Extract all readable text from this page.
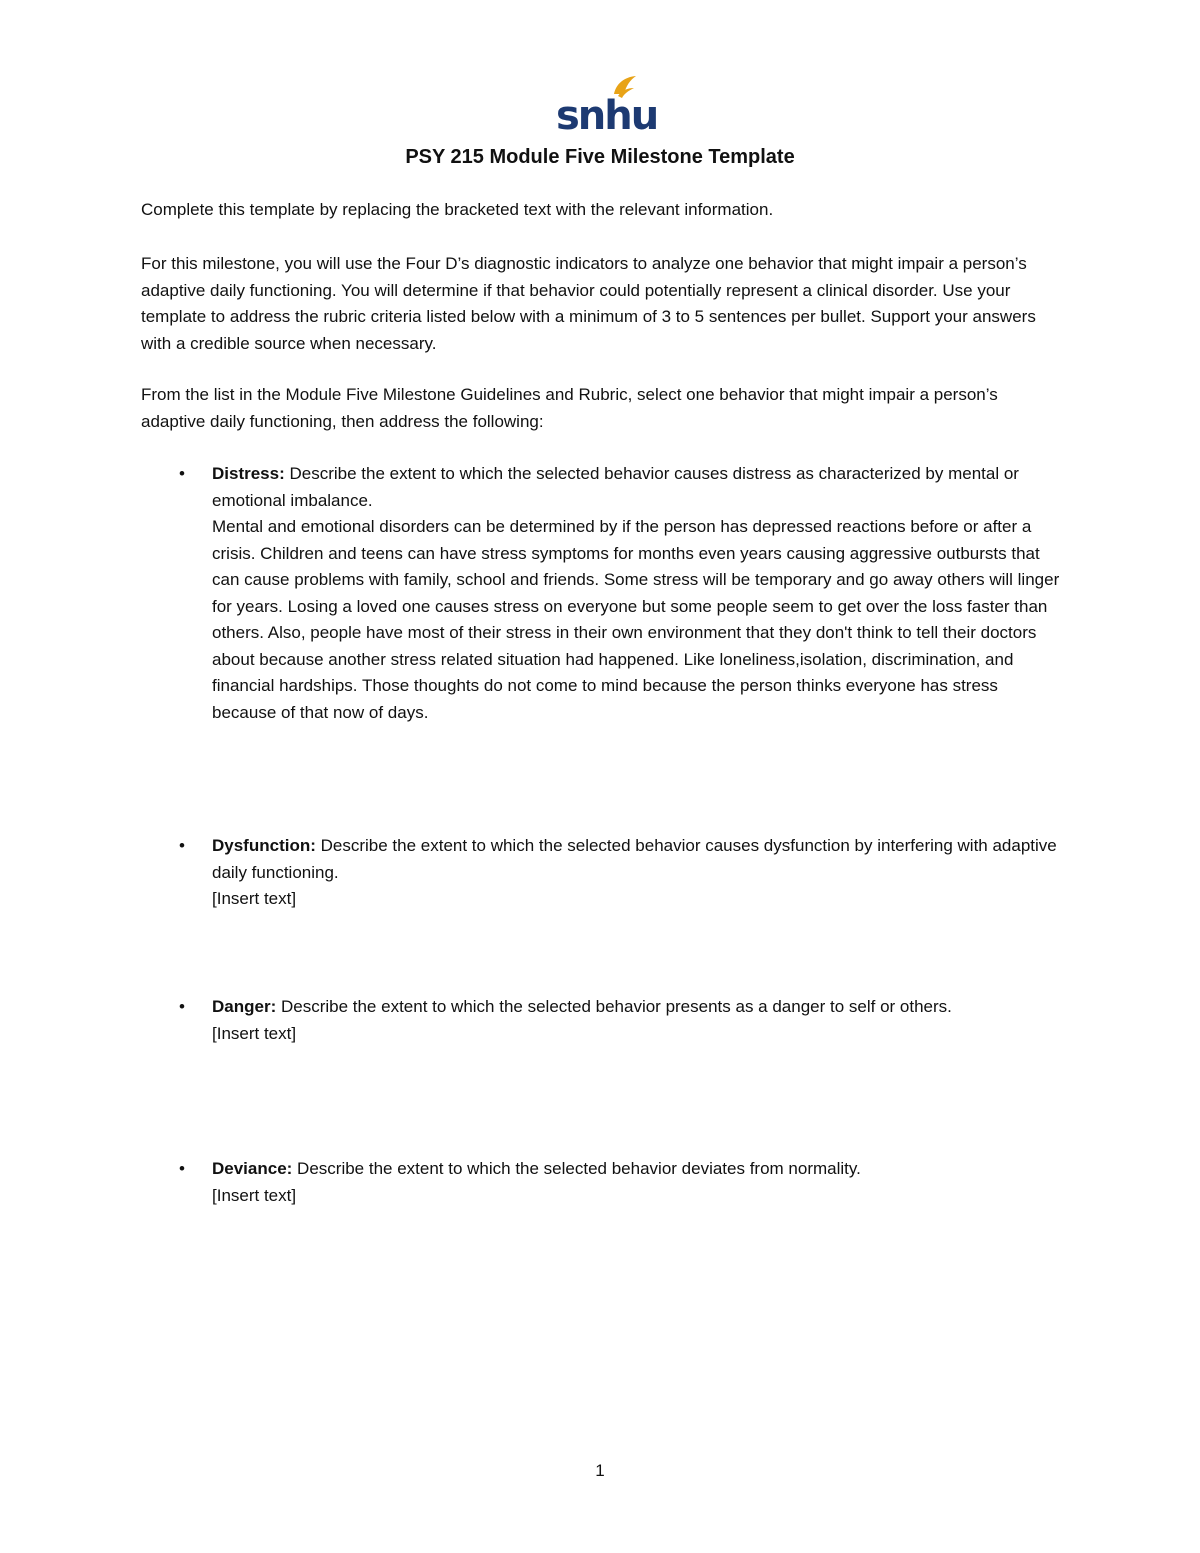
snhu
PSY 215 Module Five Milestone Template

Complete this template by replacing the bracketed text with the relevant information.

For this milestone, you will use the Four D’s diagnostic indicators to analyze one behavior that might impair a person’s adaptive daily functioning. You will determine if that behavior could potentially represent a clinical disorder. Use your template to address the rubric criteria listed below with a minimum of 3 to 5 sentences per bullet. Support your answers with a credible source when necessary.

From the list in the Module Five Milestone Guidelines and Rubric, select one behavior that might impair a person’s adaptive daily functioning, then address the following:

•	Distress: Describe the extent to which the selected behavior causes distress as characterized by mental or emotional imbalance.
Mental and emotional disorders can be determined by if the person has depressed reactions before or after a crisis. Children and teens can have stress symptoms for months even years causing aggressive outbursts that can cause problems with family, school and friends. Some stress will be temporary and go away others will linger for years. Losing a loved one causes stress on everyone but some people seem to get over the loss faster than others. Also, people have most of their stress in their own environment that they don't think to tell their doctors about because another stress related situation had happened. Like loneliness,isolation, discrimination, and financial hardships. Those thoughts do not come to mind because the person thinks everyone has stress because of that now of days.
•	Dysfunction: Describe the extent to which the selected behavior causes dysfunction by interfering with adaptive daily functioning.
[Insert text]
•	Danger: Describe the extent to which the selected behavior presents as a danger to self or others.
[Insert text]
•	Deviance: Describe the extent to which the selected behavior deviates from normality.
[Insert text]
1
